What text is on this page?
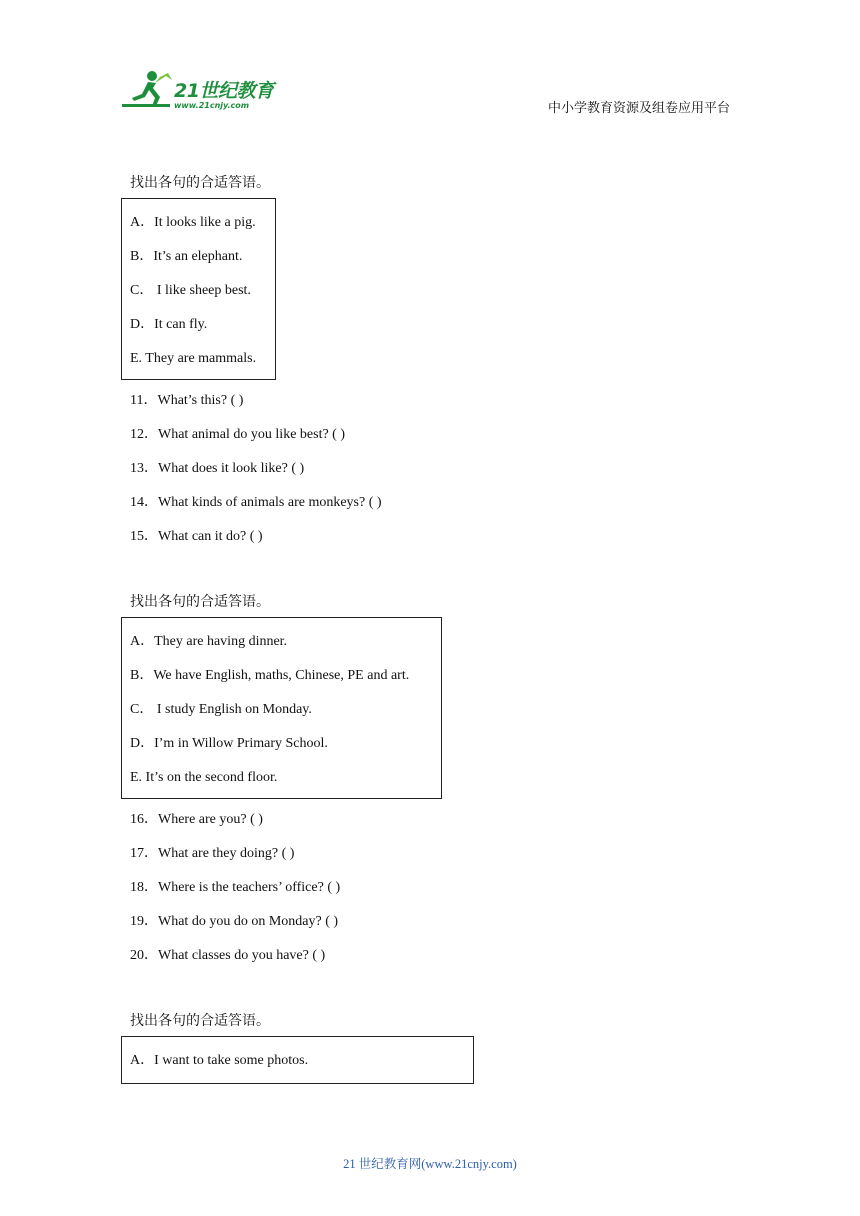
21世纪教育
www.21cnjy.com	中小学教育资源及组卷应用平台
找出各句的合适答语。
A．It looks like a pig.
B．It’s an elephant.
C． I like sheep best.
D．It can fly.
E. They are mammals.
11．What’s this? ( )
12．What animal do you like best? ( )
13．What does it look like? ( )
14．What kinds of animals are monkeys? ( )
15．What can it do? ( )
找出各句的合适答语。
A．They are having dinner.
B．We have English, maths, Chinese, PE and art.
C． I study English on Monday.
D．I’m in Willow Primary School.
E. It’s on the second floor.
16．Where are you? ( )
17．What are they doing? ( )
18．Where is the teachers’ office? ( )
19．What do you do on Monday? ( )
20．What classes do you have? ( )
找出各句的合适答语。
A．I want to take some photos.
21 世纪教育网(www.21cnjy.com)
